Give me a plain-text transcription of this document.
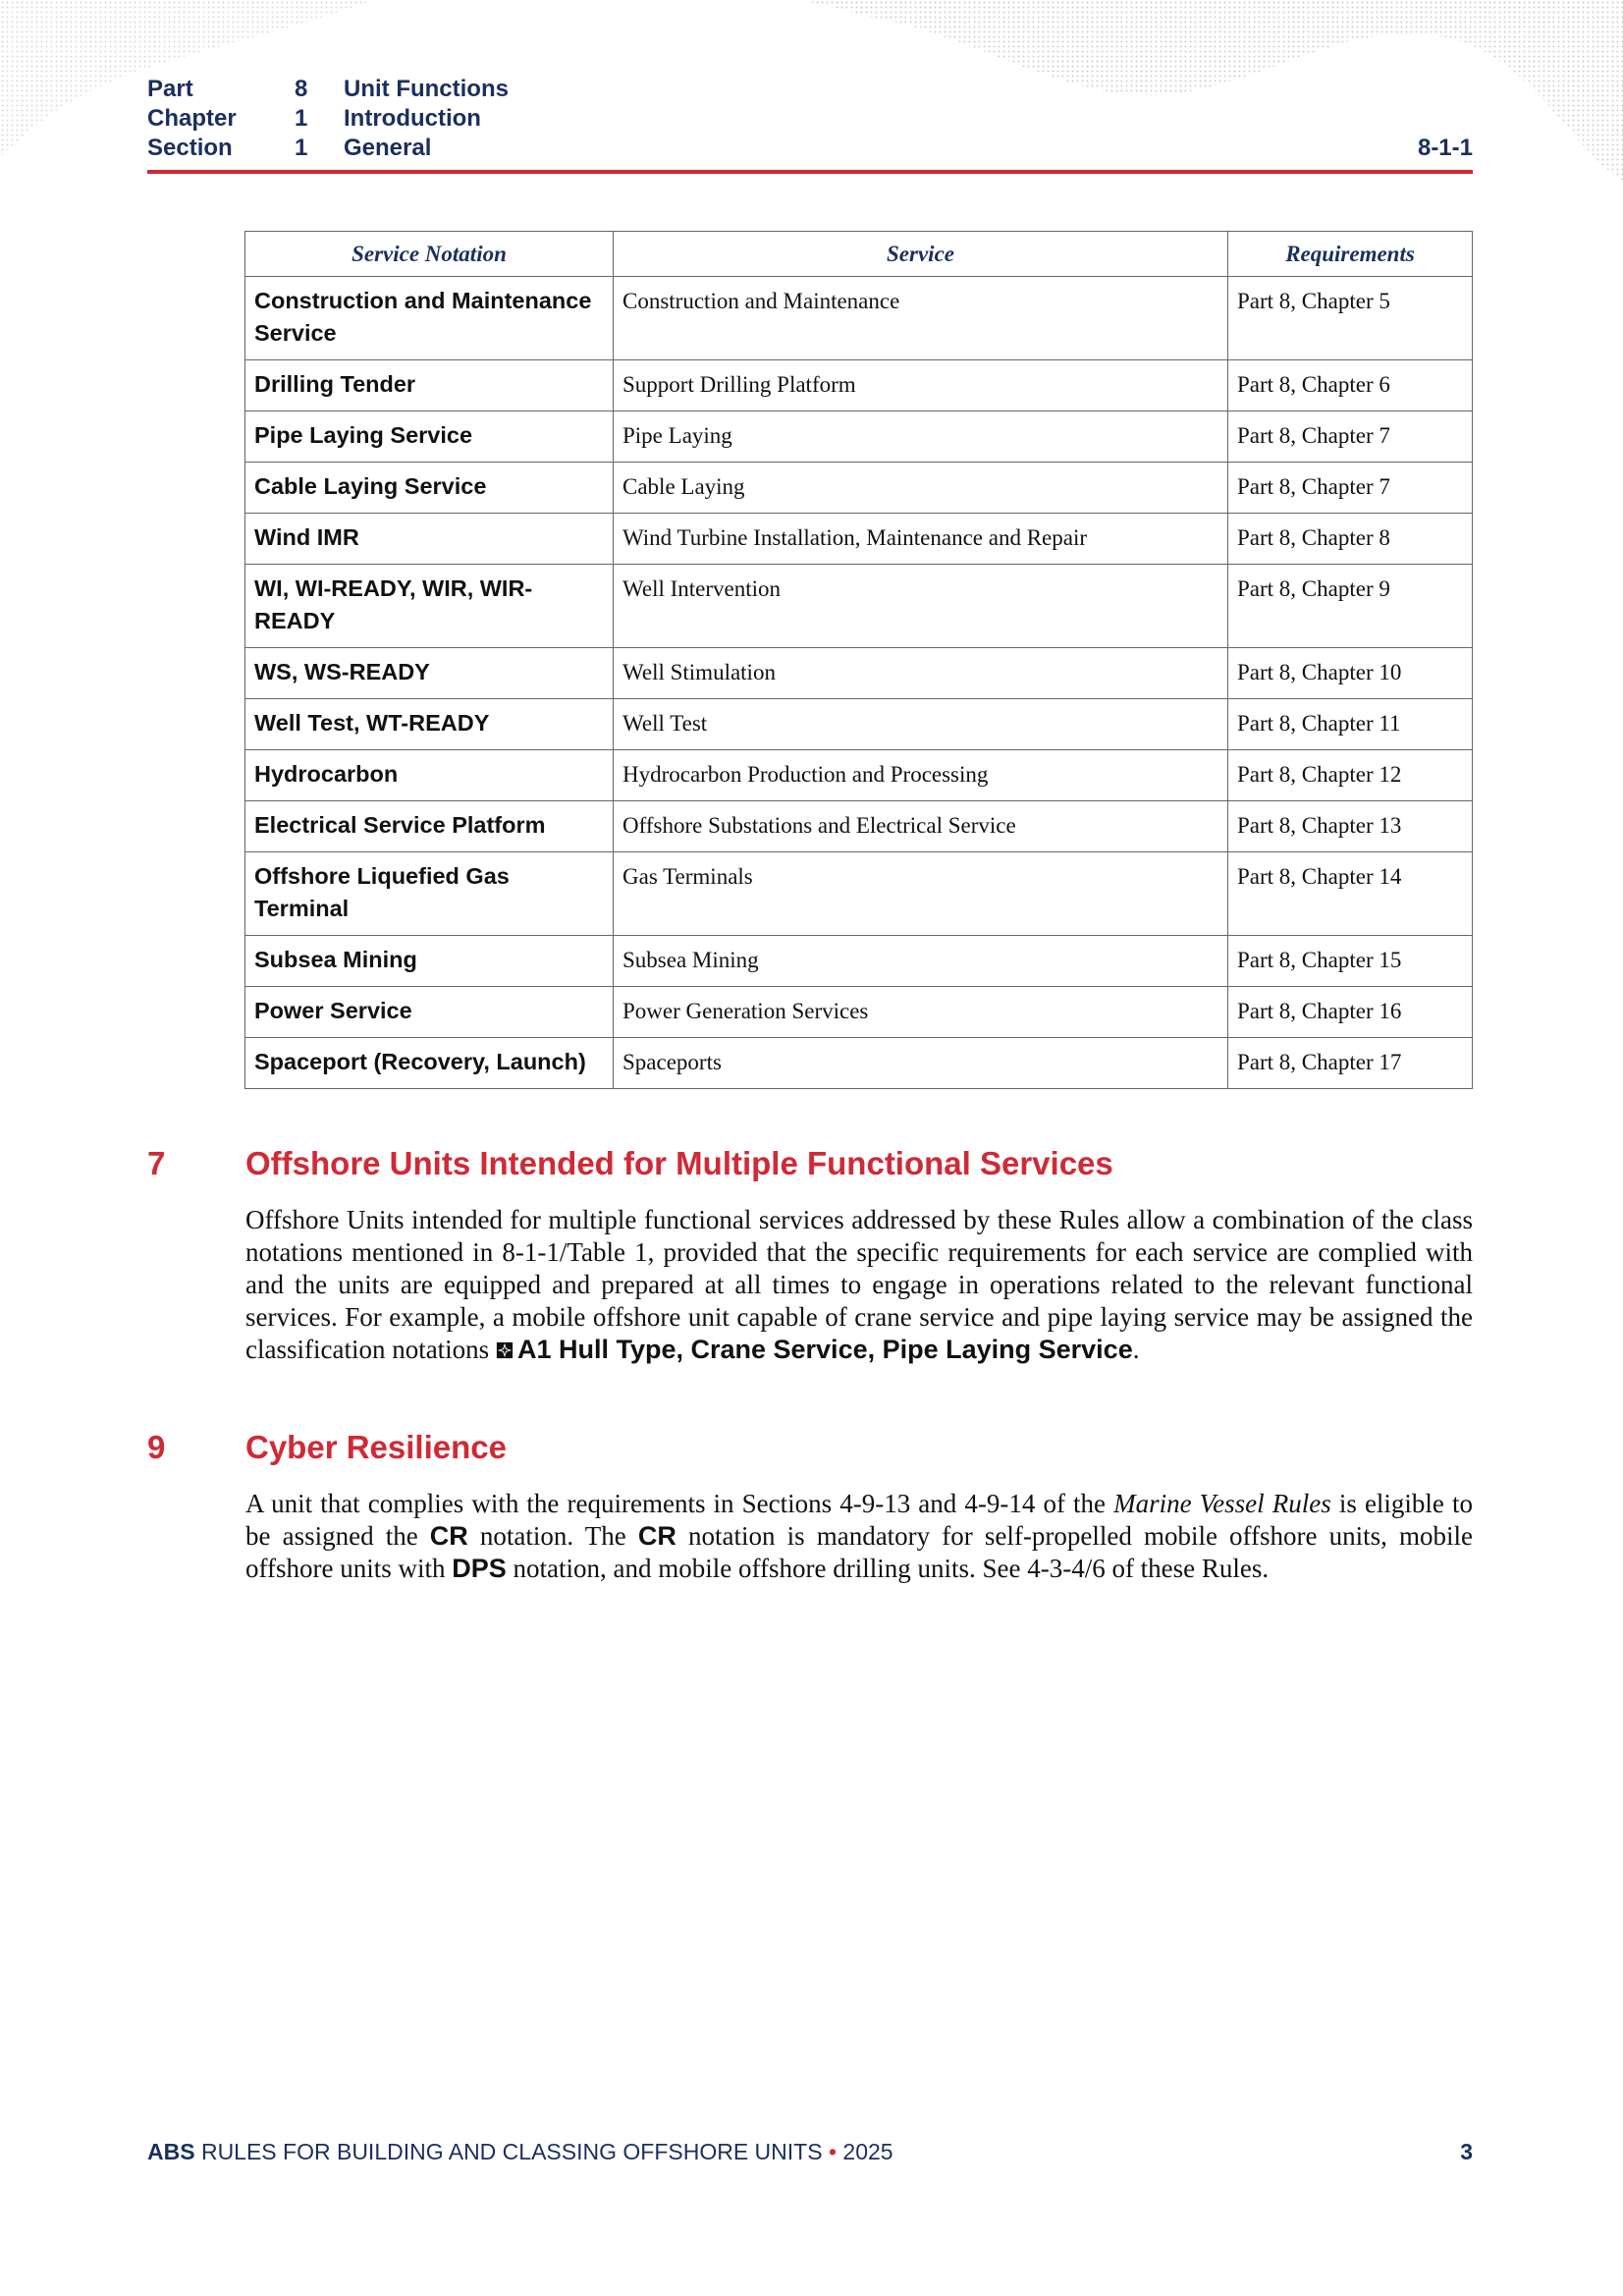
Part	8 Unit Functions
Chapter 1 Introduction
Section	1 General	8-1-1
Service Notation	Service	Requirements
Construction and Maintenance Service	Construction and Maintenance	Part 8, Chapter 5
Drilling Tender	Support Drilling Platform	Part 8, Chapter 6
Pipe Laying Service	Pipe Laying	Part 8, Chapter 7
Cable Laying Service	Cable Laying	Part 8, Chapter 7
Wind IMR	Wind Turbine Installation, Maintenance and Repair	Part 8, Chapter 8
WI, WI-READY, WIR, WIR-READY	Well Intervention	Part 8, Chapter 9
WS, WS-READY	Well Stimulation	Part 8, Chapter 10
Well Test, WT-READY	Well Test	Part 8, Chapter 11
Hydrocarbon	Hydrocarbon Production and Processing	Part 8, Chapter 12
Electrical Service Platform	Offshore Substations and Electrical Service	Part 8, Chapter 13
Offshore Liquefied Gas Terminal	Gas Terminals	Part 8, Chapter 14
Subsea Mining	Subsea Mining	Part 8, Chapter 15
Power Service	Power Generation Services	Part 8, Chapter 16
Spaceport (Recovery, Launch)	Spaceports	Part 8, Chapter 17
7 Offshore Units Intended for Multiple Functional Services
Offshore Units intended for multiple functional services addressed by these Rules allow a combination of the class notations mentioned in 8-1-1/Table 1, provided that the specific requirements for each service are complied with and the units are equipped and prepared at all times to engage in operations related to the relevant functional services. For example, a mobile offshore unit capable of crane service and pipe laying service may be assigned the classification notations A1 Hull Type, Crane Service, Pipe Laying Service.
9 Cyber Resilience
A unit that complies with the requirements in Sections 4-9-13 and 4-9-14 of the Marine Vessel Rules is eligible to be assigned the CR notation. The CR notation is mandatory for self-propelled mobile offshore units, mobile offshore units with DPS notation, and mobile offshore drilling units. See 4-3-4/6 of these Rules.
ABS RULES FOR BUILDING AND CLASSING OFFSHORE UNITS • 2025	3
